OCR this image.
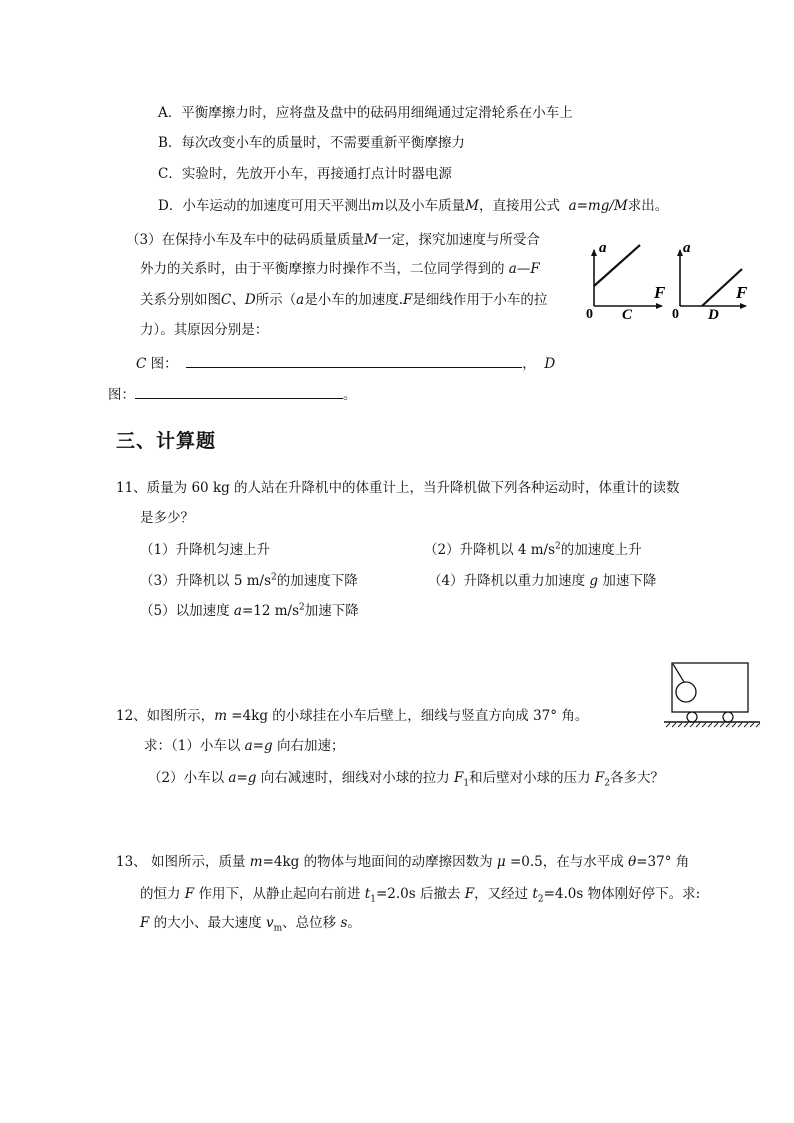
A．平衡摩擦力时，应将盘及盘中的砝码用细绳通过定滑轮系在小车上
B．每次改变小车的质量时，不需要重新平衡摩擦力
C．实验时，先放开小车，再接通打点计时器电源
D．小车运动的加速度可用天平测出m以及小车质量M，直接用公式 a=mg/M求出。
（3）在保持小车及车中的砝码质量质量M一定，探究加速度与所受合
外力的关系时，由于平衡摩擦力时操作不当，二位同学得到的 a—F
关系分别如图C、D所示（a是小车的加速度.F是细线作用于小车的拉
力）。其原因分别是：
C 图：	， D
图：	。
a
F
0 C
a
F
0 D
三、计算题
11、质量为 60 kg 的人站在升降机中的体重计上，当升降机做下列各种运动时，体重计的读数
是多少？
（1）升降机匀速上升	（2）升降机以 4 $m/s^2$的加速度上升
（3）升降机以 5 $m/s^2$的加速度下降	（4）升降机以重力加速度 g 加速下降
（5）以加速度 a=12 $m/s^2$加速下降
12、如图所示，m =4kg 的小球挂在小车后壁上，细线与竖直方向成 37° 角。
求：（1）小车以 a=g 向右加速；
（2）小车以 a=g 向右减速时，细线对小球的拉力 $F_1$和后壁对小球的压力 $F_2$各多大？
13、 如图所示，质量 m=4kg 的物体与地面间的动摩擦因数为 μ =0.5，在与水平成 θ=37° 角
的恒力 F 作用下，从静止起向右前进 $t_1=2.0s$ 后撤去 F，又经过 $t_2=4.0s$ 物体刚好停下。求:
F 的大小、最大速度 $v_m$、总位移 s。
